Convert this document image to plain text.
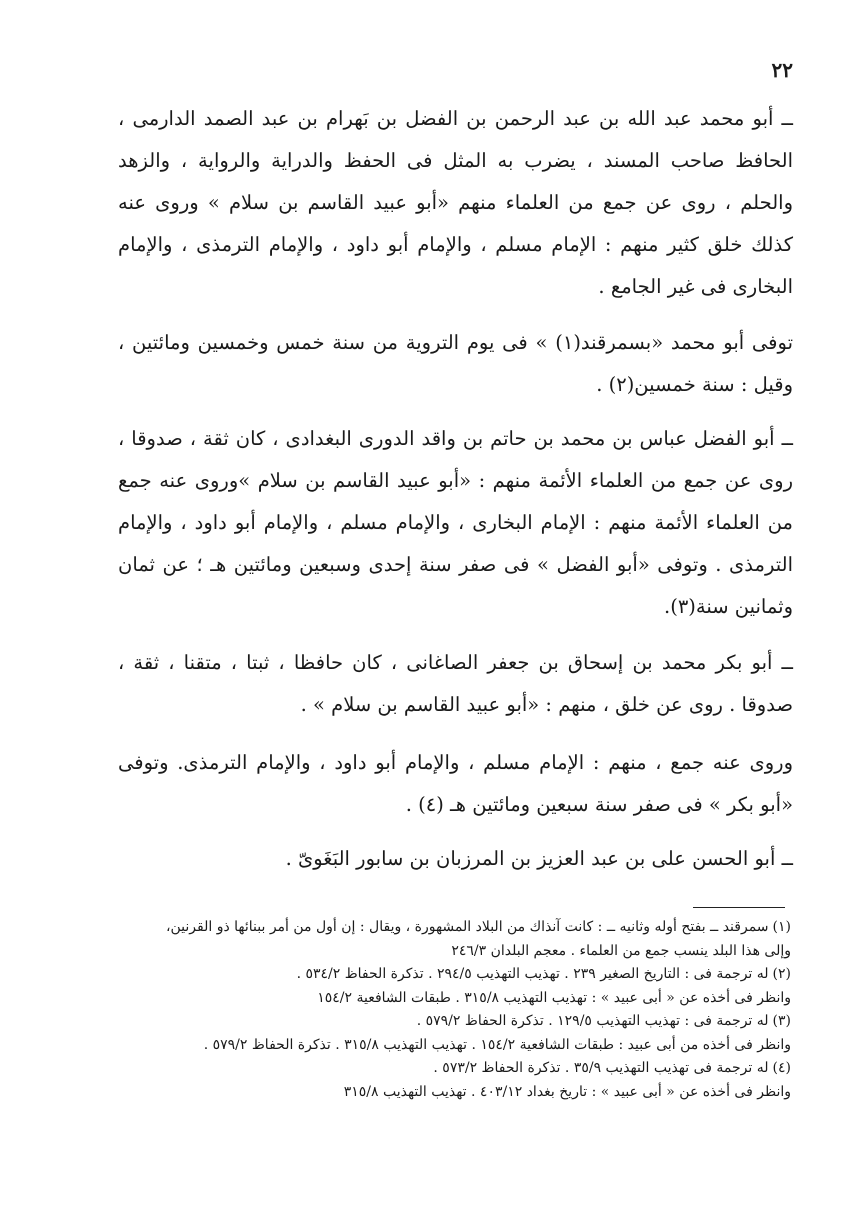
٢٢

ــ أبو محمد عبد الله بن عبد الرحمن بن الفضل بن بَهرام بن عبد الصمد الدارمى ، الحافظ صاحب المسند ، يضرب به المثل فى الحفظ والدراية والرواية ، والزهد والحلم ، روى عن جمع من العلماء منهم «أبو عبيد القاسم بن سلام » وروى عنه كذلك خلق كثير منهم : الإمام مسلم ، والإمام أبو داود ، والإمام الترمذى ، والإمام البخارى فى غير الجامع .

توفى أبو محمد «بسمرقند(١) » فى يوم التروية من سنة خمس وخمسين ومائتين ، وقيل : سنة خمسين(٢) .

ــ أبو الفضل عباس بن محمد بن حاتم بن واقد الدورى البغدادى ، كان ثقة ، صدوقا ، روى عن جمع من العلماء الأئمة منهم : «أبو عبيد القاسم بن سلام »وروى عنه جمع من العلماء الأئمة منهم : الإمام البخارى ، والإمام مسلم ، والإمام أبو داود ، والإمام الترمذى . وتوفى «أبو الفضل » فى صفر سنة إحدى وسبعين ومائتين هـ ؛ عن ثمان وثمانين سنة(٣).

ــ أبو بكر محمد بن إسحاق بن جعفر الصاغانى ، كان حافظا ، ثبتا ، متقنا ، ثقة ، صدوقا . روى عن خلق ، منهم : «أبو عبيد القاسم بن سلام » .

وروى عنه جمع ، منهم : الإمام مسلم ، والإمام أبو داود ، والإمام الترمذى. وتوفى «أبو بكر » فى صفر سنة سبعين ومائتين هـ (٤) .

ــ أبو الحسن على بن عبد العزيز بن المرزبان بن سابور البَغَوىّ .

(١)سمرقند ــ بفتح أوله وثانيه ــ : كانت آنذاك من البلاد المشهورة ، ويقال : إن أول من أمر ببنائها ذو القرنين،

وإلى هذا البلد ينسب جمع من العلماء . معجم البلدان ٢٤٦/٣

(٢)له ترجمة فى : التاريخ الصغير ٢٣٩ . تهذيب التهذيب ٢٩٤/٥ . تذكرة الحفاظ ٥٣٤/٢ .

وانظر فى أخذه عن « أبى عبيد » : تهذيب التهذيب ٣١٥/٨ . طبقات الشافعية ١٥٤/٢

(٣)له ترجمة فى : تهذيب التهذيب ١٢٩/٥ . تذكرة الحفاظ ٥٧٩/٢ .

وانظر فى أخذه من أبى عبيد : طبقات الشافعية ١٥٤/٢ . تهذيب التهذيب ٣١٥/٨ . تذكرة الحفاظ ٥٧٩/٢ .

(٤)له ترجمة فى تهذيب التهذيب ٣٥/٩ . تذكرة الحفاظ ٥٧٣/٢ .

وانظر فى أخذه عن « أبى عبيد » : تاريخ بغداد ٤٠٣/١٢ . تهذيب التهذيب ٣١٥/٨
